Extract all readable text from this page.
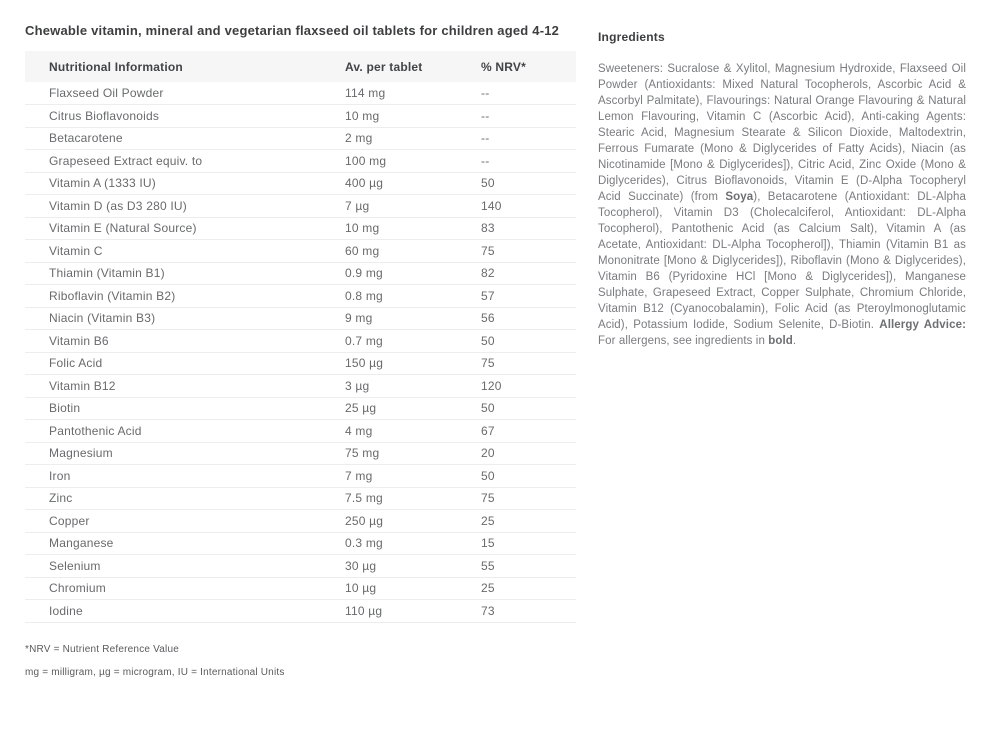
Chewable vitamin, mineral and vegetarian flaxseed oil tablets for children aged 4-12

Nutritional Information	Av. per tablet	% NRV*
Flaxseed Oil Powder	114 mg	--
Citrus Bioflavonoids	10 mg	--
Betacarotene	2 mg	--
Grapeseed Extract equiv. to	100 mg	--
Vitamin A (1333 IU)	400 µg	50
Vitamin D (as D3 280 IU)	7 µg	140
Vitamin E (Natural Source)	10 mg	83
Vitamin C	60 mg	75
Thiamin (Vitamin B1)	0.9 mg	82
Riboflavin (Vitamin B2)	0.8 mg	57
Niacin (Vitamin B3)	9 mg	56
Vitamin B6	0.7 mg	50
Folic Acid	150 µg	75
Vitamin B12	3 µg	120
Biotin	25 µg	50
Pantothenic Acid	4 mg	67
Magnesium	75 mg	20
Iron	7 mg	50
Zinc	7.5 mg	75
Copper	250 µg	25
Manganese	0.3 mg	15
Selenium	30 µg	55
Chromium	10 µg	25
Iodine	110 µg	73

*NRV = Nutrient Reference Value

mg = milligram, µg = microgram, IU = International Units

Ingredients

Sweeteners: Sucralose & Xylitol, Magnesium Hydroxide, Flaxseed Oil Powder (Antioxidants: Mixed Natural Tocopherols, Ascorbic Acid & Ascorbyl Palmitate), Flavourings: Natural Orange Flavouring & Natural Lemon Flavouring, Vitamin C (Ascorbic Acid), Anti-caking Agents: Stearic Acid, Magnesium Stearate & Silicon Dioxide, Maltodextrin, Ferrous Fumarate (Mono & Diglycerides of Fatty Acids), Niacin (as Nicotinamide [Mono & Diglycerides]), Citric Acid, Zinc Oxide (Mono & Diglycerides), Citrus Bioflavonoids, Vitamin E (D-Alpha Tocopheryl Acid Succinate) (from Soya), Betacarotene (Antioxidant: DL-Alpha Tocopherol), Vitamin D3 (Cholecalciferol, Antioxidant: DL-Alpha Tocopherol), Pantothenic Acid (as Calcium Salt), Vitamin A (as Acetate, Antioxidant: DL-Alpha Tocopherol]), Thiamin (Vitamin B1 as Mononitrate [Mono & Diglycerides]), Riboflavin (Mono & Diglycerides), Vitamin B6 (Pyridoxine HCl [Mono & Diglycerides]), Manganese Sulphate, Grapeseed Extract, Copper Sulphate, Chromium Chloride, Vitamin B12 (Cyanocobalamin), Folic Acid (as Pteroylmonoglutamic Acid), Potassium Iodide, Sodium Selenite, D-Biotin. Allergy Advice: For allergens, see ingredients in bold.
